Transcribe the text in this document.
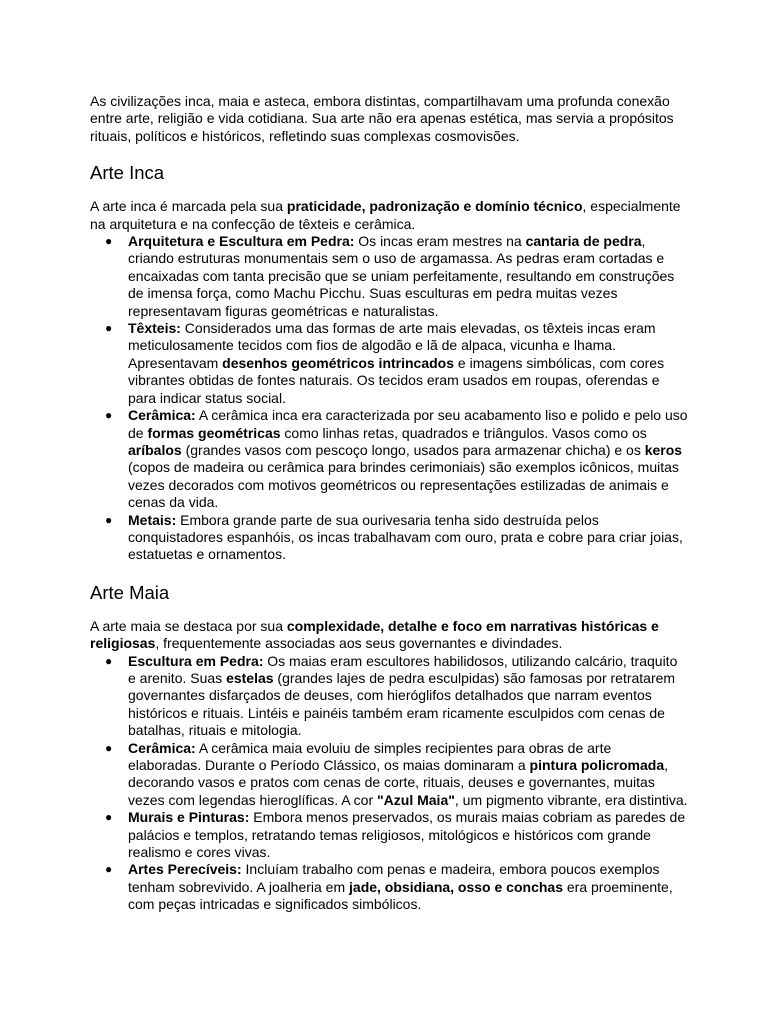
As civilizações inca, maia e asteca, embora distintas, compartilhavam uma profunda conexão entre arte, religião e vida cotidiana. Sua arte não era apenas estética, mas servia a propósitos rituais, políticos e históricos, refletindo suas complexas cosmovisões.

Arte Inca

A arte inca é marcada pela sua praticidade, padronização e domínio técnico, especialmente na arquitetura e na confecção de têxteis e cerâmica.

● Arquitetura e Escultura em Pedra: Os incas eram mestres na cantaria de pedra, criando estruturas monumentais sem o uso de argamassa. As pedras eram cortadas e encaixadas com tanta precisão que se uniam perfeitamente, resultando em construções de imensa força, como Machu Picchu. Suas esculturas em pedra muitas vezes representavam figuras geométricas e naturalistas.
● Têxteis: Considerados uma das formas de arte mais elevadas, os têxteis incas eram meticulosamente tecidos com fios de algodão e lã de alpaca, vicunha e lhama. Apresentavam desenhos geométricos intrincados e imagens simbólicas, com cores vibrantes obtidas de fontes naturais. Os tecidos eram usados em roupas, oferendas e para indicar status social.
● Cerâmica: A cerâmica inca era caracterizada por seu acabamento liso e polido e pelo uso de formas geométricas como linhas retas, quadrados e triângulos. Vasos como os aríbalos (grandes vasos com pescoço longo, usados para armazenar chicha) e os keros (copos de madeira ou cerâmica para brindes cerimoniais) são exemplos icônicos, muitas vezes decorados com motivos geométricos ou representações estilizadas de animais e cenas da vida.
● Metais: Embora grande parte de sua ourivesaria tenha sido destruída pelos conquistadores espanhóis, os incas trabalhavam com ouro, prata e cobre para criar joias, estatuetas e ornamentos.
Arte Maia

A arte maia se destaca por sua complexidade, detalhe e foco em narrativas históricas e religiosas, frequentemente associadas aos seus governantes e divindades.

● Escultura em Pedra: Os maias eram escultores habilidosos, utilizando calcário, traquito e arenito. Suas estelas (grandes lajes de pedra esculpidas) são famosas por retratarem governantes disfarçados de deuses, com hieróglifos detalhados que narram eventos históricos e rituais. Lintéis e painéis também eram ricamente esculpidos com cenas de batalhas, rituais e mitologia.
● Cerâmica: A cerâmica maia evoluiu de simples recipientes para obras de arte elaboradas. Durante o Período Clássico, os maias dominaram a pintura policromada, decorando vasos e pratos com cenas de corte, rituais, deuses e governantes, muitas vezes com legendas hieroglíficas. A cor "Azul Maia", um pigmento vibrante, era distintiva.
● Murais e Pinturas: Embora menos preservados, os murais maias cobriam as paredes de palácios e templos, retratando temas religiosos, mitológicos e históricos com grande realismo e cores vivas.
● Artes Perecíveis: Incluíam trabalho com penas e madeira, embora poucos exemplos tenham sobrevivido. A joalheria em jade, obsidiana, osso e conchas era proeminente, com peças intricadas e significados simbólicos.
